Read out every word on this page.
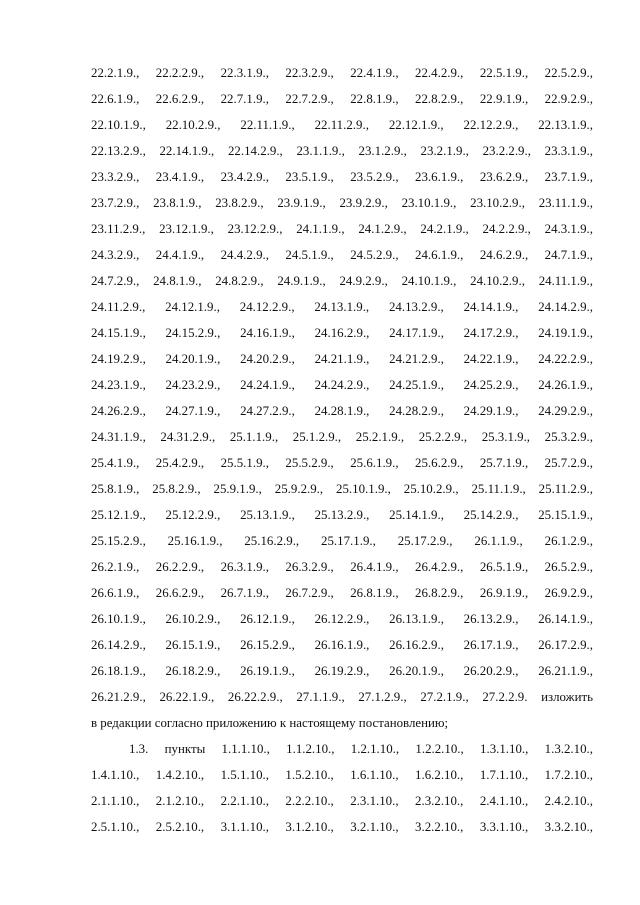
22.2.1.9., 22.2.2.9., 22.3.1.9., 22.3.2.9., 22.4.1.9., 22.4.2.9., 22.5.1.9., 22.5.2.9.,
22.6.1.9., 22.6.2.9., 22.7.1.9., 22.7.2.9., 22.8.1.9., 22.8.2.9., 22.9.1.9., 22.9.2.9.,
22.10.1.9., 22.10.2.9., 22.11.1.9., 22.11.2.9., 22.12.1.9., 22.12.2.9., 22.13.1.9.,
22.13.2.9., 22.14.1.9., 22.14.2.9., 23.1.1.9., 23.1.2.9., 23.2.1.9., 23.2.2.9., 23.3.1.9.,
23.3.2.9., 23.4.1.9., 23.4.2.9., 23.5.1.9., 23.5.2.9., 23.6.1.9., 23.6.2.9., 23.7.1.9.,
23.7.2.9., 23.8.1.9., 23.8.2.9., 23.9.1.9., 23.9.2.9., 23.10.1.9., 23.10.2.9., 23.11.1.9.,
23.11.2.9., 23.12.1.9., 23.12.2.9., 24.1.1.9., 24.1.2.9., 24.2.1.9., 24.2.2.9., 24.3.1.9.,
24.3.2.9., 24.4.1.9., 24.4.2.9., 24.5.1.9., 24.5.2.9., 24.6.1.9., 24.6.2.9., 24.7.1.9.,
24.7.2.9., 24.8.1.9., 24.8.2.9., 24.9.1.9., 24.9.2.9., 24.10.1.9., 24.10.2.9., 24.11.1.9.,
24.11.2.9., 24.12.1.9., 24.12.2.9., 24.13.1.9., 24.13.2.9., 24.14.1.9., 24.14.2.9.,
24.15.1.9., 24.15.2.9., 24.16.1.9., 24.16.2.9., 24.17.1.9., 24.17.2.9., 24.19.1.9.,
24.19.2.9., 24.20.1.9., 24.20.2.9., 24.21.1.9., 24.21.2.9., 24.22.1.9., 24.22.2.9.,
24.23.1.9., 24.23.2.9., 24.24.1.9., 24.24.2.9., 24.25.1.9., 24.25.2.9., 24.26.1.9.,
24.26.2.9., 24.27.1.9., 24.27.2.9., 24.28.1.9., 24.28.2.9., 24.29.1.9., 24.29.2.9.,
24.31.1.9., 24.31.2.9., 25.1.1.9., 25.1.2.9., 25.2.1.9., 25.2.2.9., 25.3.1.9., 25.3.2.9.,
25.4.1.9., 25.4.2.9., 25.5.1.9., 25.5.2.9., 25.6.1.9., 25.6.2.9., 25.7.1.9., 25.7.2.9.,
25.8.1.9., 25.8.2.9., 25.9.1.9., 25.9.2.9., 25.10.1.9., 25.10.2.9., 25.11.1.9., 25.11.2.9.,
25.12.1.9., 25.12.2.9., 25.13.1.9., 25.13.2.9., 25.14.1.9., 25.14.2.9., 25.15.1.9.,
25.15.2.9., 25.16.1.9., 25.16.2.9., 25.17.1.9., 25.17.2.9., 26.1.1.9., 26.1.2.9.,
26.2.1.9., 26.2.2.9., 26.3.1.9., 26.3.2.9., 26.4.1.9., 26.4.2.9., 26.5.1.9., 26.5.2.9.,
26.6.1.9., 26.6.2.9., 26.7.1.9., 26.7.2.9., 26.8.1.9., 26.8.2.9., 26.9.1.9., 26.9.2.9.,
26.10.1.9., 26.10.2.9., 26.12.1.9., 26.12.2.9., 26.13.1.9., 26.13.2.9., 26.14.1.9.,
26.14.2.9., 26.15.1.9., 26.15.2.9., 26.16.1.9., 26.16.2.9., 26.17.1.9., 26.17.2.9.,
26.18.1.9., 26.18.2.9., 26.19.1.9., 26.19.2.9., 26.20.1.9., 26.20.2.9., 26.21.1.9.,
26.21.2.9., 26.22.1.9., 26.22.2.9., 27.1.1.9., 27.1.2.9., 27.2.1.9., 27.2.2.9. изложить
в редакции согласно приложению к настоящему постановлению;
1.3. пункты 1.1.1.10., 1.1.2.10., 1.2.1.10., 1.2.2.10., 1.3.1.10., 1.3.2.10.,
1.4.1.10., 1.4.2.10., 1.5.1.10., 1.5.2.10., 1.6.1.10., 1.6.2.10., 1.7.1.10., 1.7.2.10.,
2.1.1.10., 2.1.2.10., 2.2.1.10., 2.2.2.10., 2.3.1.10., 2.3.2.10., 2.4.1.10., 2.4.2.10.,
2.5.1.10., 2.5.2.10., 3.1.1.10., 3.1.2.10., 3.2.1.10., 3.2.2.10., 3.3.1.10., 3.3.2.10.,
